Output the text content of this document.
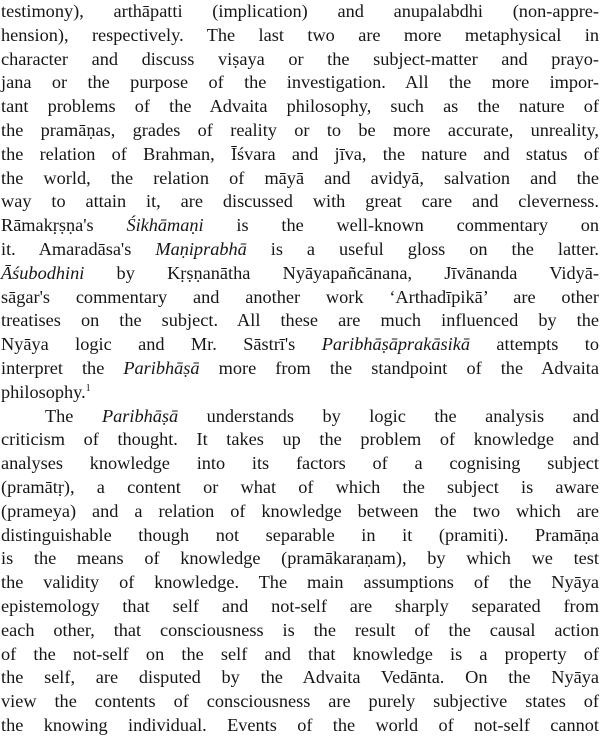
testimony), arthāpatti (implication) and anupalabdhi (non-appre-
hension), respectively. The last two are more metaphysical in
character and discuss viṣaya or the subject-matter and prayo-
jana or the purpose of the investigation. All the more impor-
tant problems of the Advaita philosophy, such as the nature of
the pramāṇas, grades of reality or to be more accurate, unreality,
the relation of Brahman, Īśvara and jīva, the nature and status of
the world, the relation of māyā and avidyā, salvation and the
way to attain it, are discussed with great care and cleverness.
Rāmakṛṣṇa's Śikhāmaṇi is the well-known commentary on
it. Amaradāsa's Maṇiprabhā is a useful gloss on the latter.
Āśubodhini by Kṛṣṇanātha Nyāyapañcānana, Jīvānanda Vidyā-
sāgar's commentary and another work ‘Arthadīpikā’ are other
treatises on the subject. All these are much influenced by the
Nyāya logic and Mr. Sāstrī's Paribhāṣāprakāsikā attempts to
interpret the Paribhāṣā more from the standpoint of the Advaita
philosophy.$^1$
The Paribhāṣā understands by logic the analysis and
criticism of thought. It takes up the problem of knowledge and
analyses knowledge into its factors of a cognising subject
(pramātṛ), a content or what of which the subject is aware
(prameya) and a relation of knowledge between the two which are
distinguishable though not separable in it (pramiti). Pramāṇa
is the means of knowledge (pramākaraṇam), by which we test
the validity of knowledge. The main assumptions of the Nyāya
epistemology that self and not-self are sharply separated from
each other, that consciousness is the result of the causal action
of the not-self on the self and that knowledge is a property of
the self, are disputed by the Advaita Vedānta. On the Nyāya
view the contents of consciousness are purely subjective states of
the knowing individual. Events of the world of not-self cannot
